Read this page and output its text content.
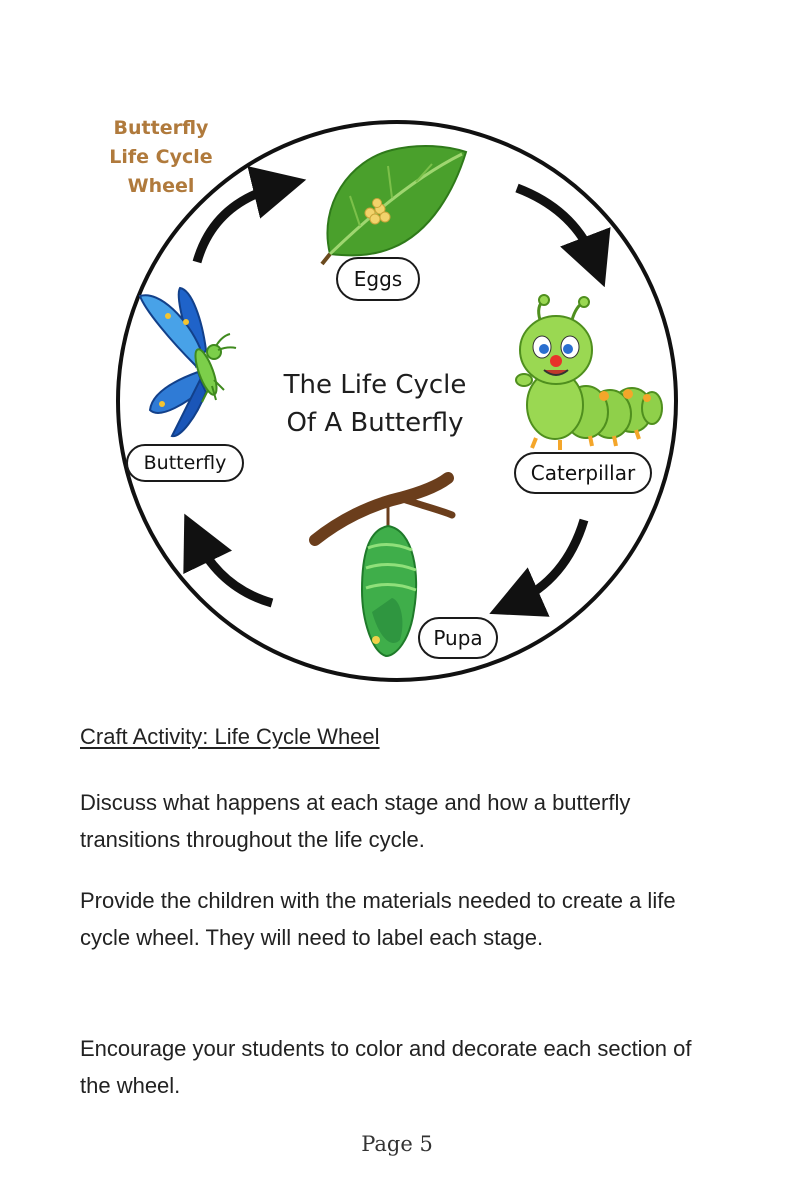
Butterfly
Life Cycle
Wheel
The Life Cycle
Of A Butterfly
Eggs
Caterpillar
Pupa
Butterfly
Craft Activity: Life Cycle Wheel

Discuss what happens at each stage and how a butterfly transitions throughout the life cycle.

Provide the children with the materials needed to create a life cycle wheel. They will need to label each stage.

Encourage your students to color and decorate each section of the wheel.

Page 5
